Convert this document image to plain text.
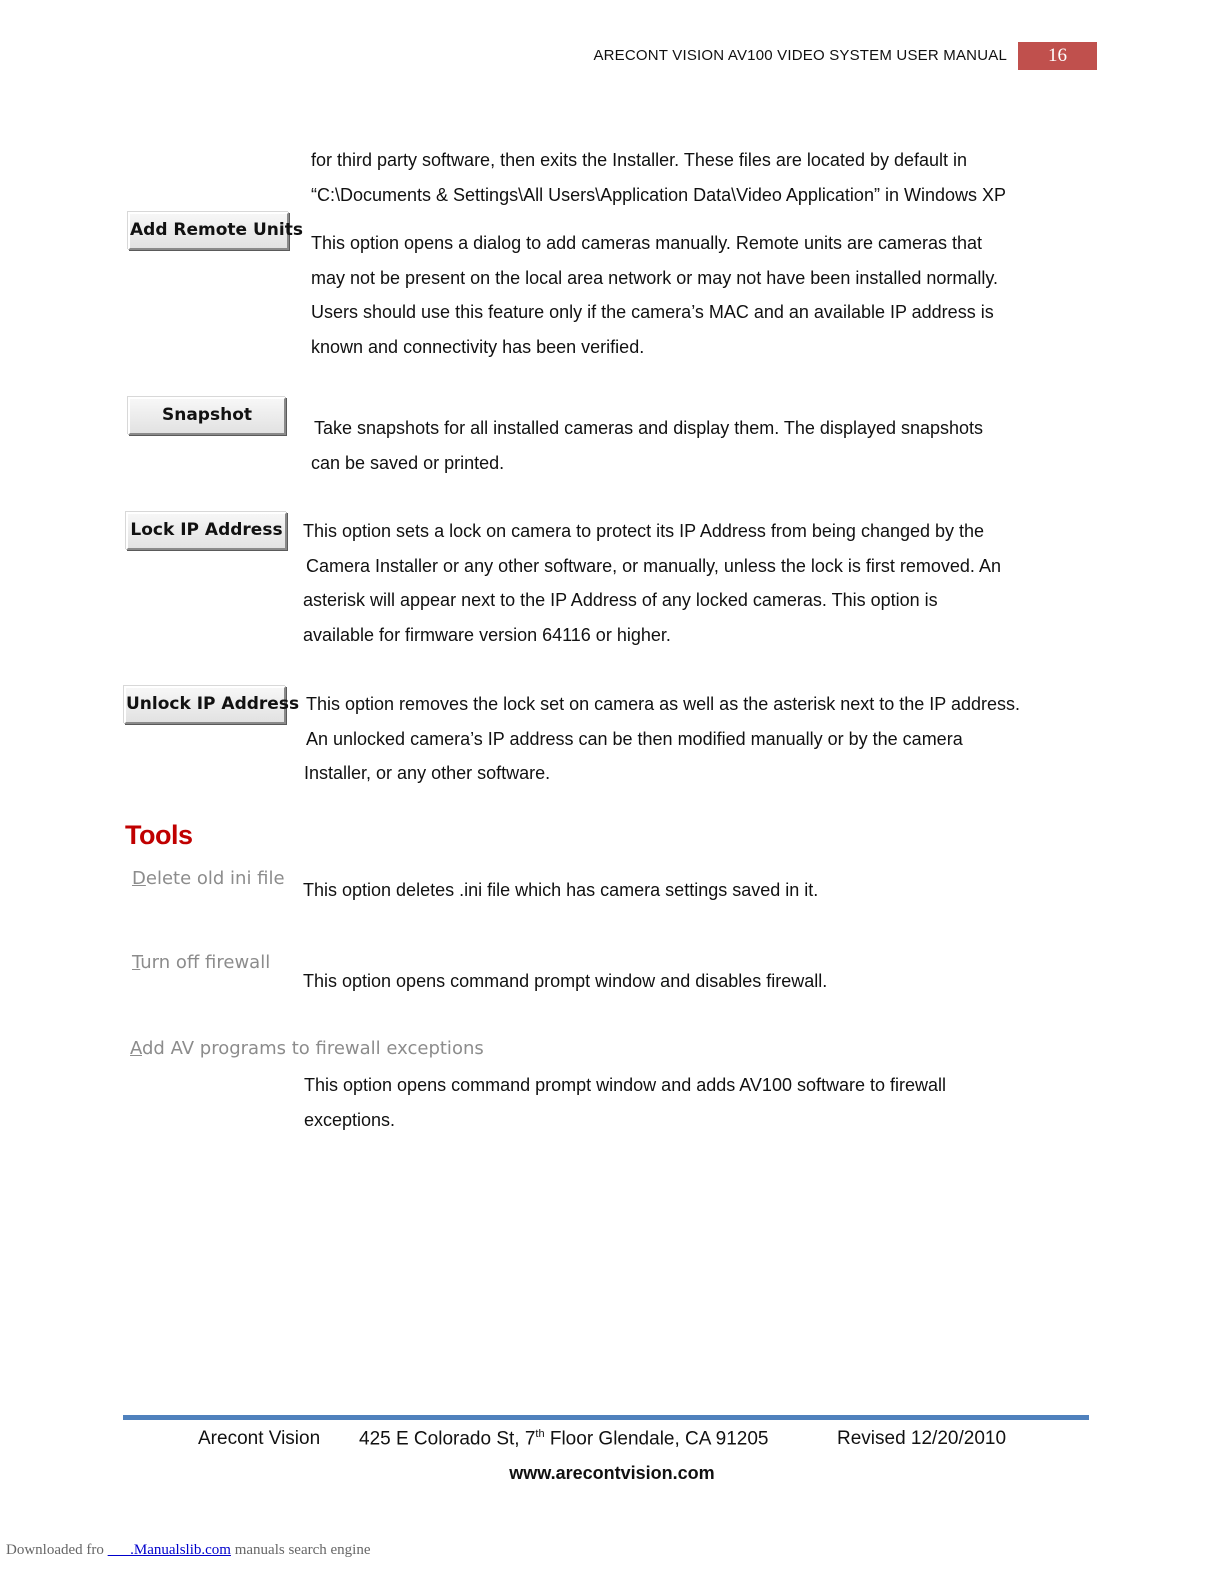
ARECONT VISION AV100 VIDEO SYSTEM USER MANUAL	16
for third party software, then exits the Installer. These files are located by default in
“C:\Documents & Settings\All Users\Application Data\Video Application” in Windows XP
Add Remote Units
This option opens a dialog to add cameras manually. Remote units are cameras that
may not be present on the local area network or may not have been installed normally.
Users should use this feature only if the camera’s MAC and an available IP address is
known and connectivity has been verified.
Snapshot
Take snapshots for all installed cameras and display them. The displayed snapshots
can be saved or printed.
Lock IP Address This option sets a lock on camera to protect its IP Address from being changed by the
Camera Installer or any other software, or manually, unless the lock is first removed. An
asterisk will appear next to the IP Address of any locked cameras. This option is
available for firmware version 64116 or higher.
Unlock IP Address This option removes the lock set on camera as well as the asterisk next to the IP address.
An unlocked camera’s IP address can be then modified manually or by the camera
Installer, or any other software.
Tools
Delete old ini file
This option deletes .ini file which has camera settings saved in it.
Turn off firewall
This option opens command prompt window and disables firewall.
Add AV programs to firewall exceptions
This option opens command prompt window and adds AV100 software to firewall
exceptions.
Arecont Vision 425 E Colorado St, 7th Floor Glendale, CA 91205	Revised 12/20/2010
www.arecontvision.com
Downloaded fro       .Manualslib.com manuals search engine
